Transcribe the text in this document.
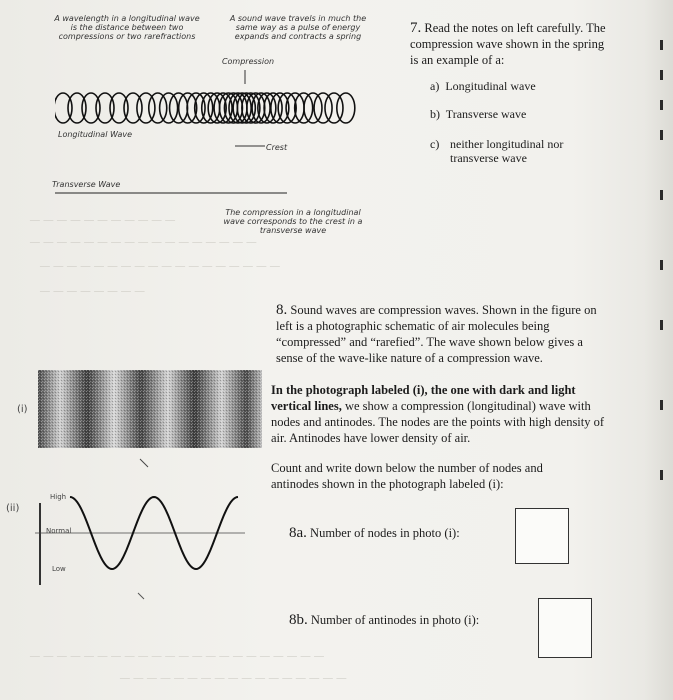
— — — — — — — — — — —
— — — — — — — — — — — — — — — — —
— — — — — — — — — — — — — — — — — —
— — — — — — — —
— — — — — — — — — — — — — — — — — — — — — —
— — — — — — — — — — — — — — — — —
A wavelength in a longitudinal wave is the distance between two compressions or two rarefractions
A sound wave travels in much the same way as a pulse of energy expands and contracts a spring
Compression
Longitudinal Wave
Crest
Transverse Wave
The compression in a longitudinal wave corresponds to the crest in a transverse wave
7. Read the notes on left carefully. The compression wave shown in the spring is an example of a:
a) Longitudinal wave
b) Transverse wave
c) neither longitudinal nor transverse wave
8. Sound waves are compression waves. Shown in the figure on left is a photographic schematic of air molecules being “compressed” and “rarefied”. The wave shown below gives a sense of the wave-like nature of a compression wave.
In the photograph labeled (i), the one with dark and light vertical lines, we show a compression (longitudinal) wave with nodes and antinodes. The nodes are the points with high density of air. Antinodes have lower density of air.
Count and write down below the number of nodes and antinodes shown in the photograph labeled (i):
8a. Number of nodes in photo (i):
8b. Number of antinodes in photo (i):
(i)
(ii)
High
Normal
Low
